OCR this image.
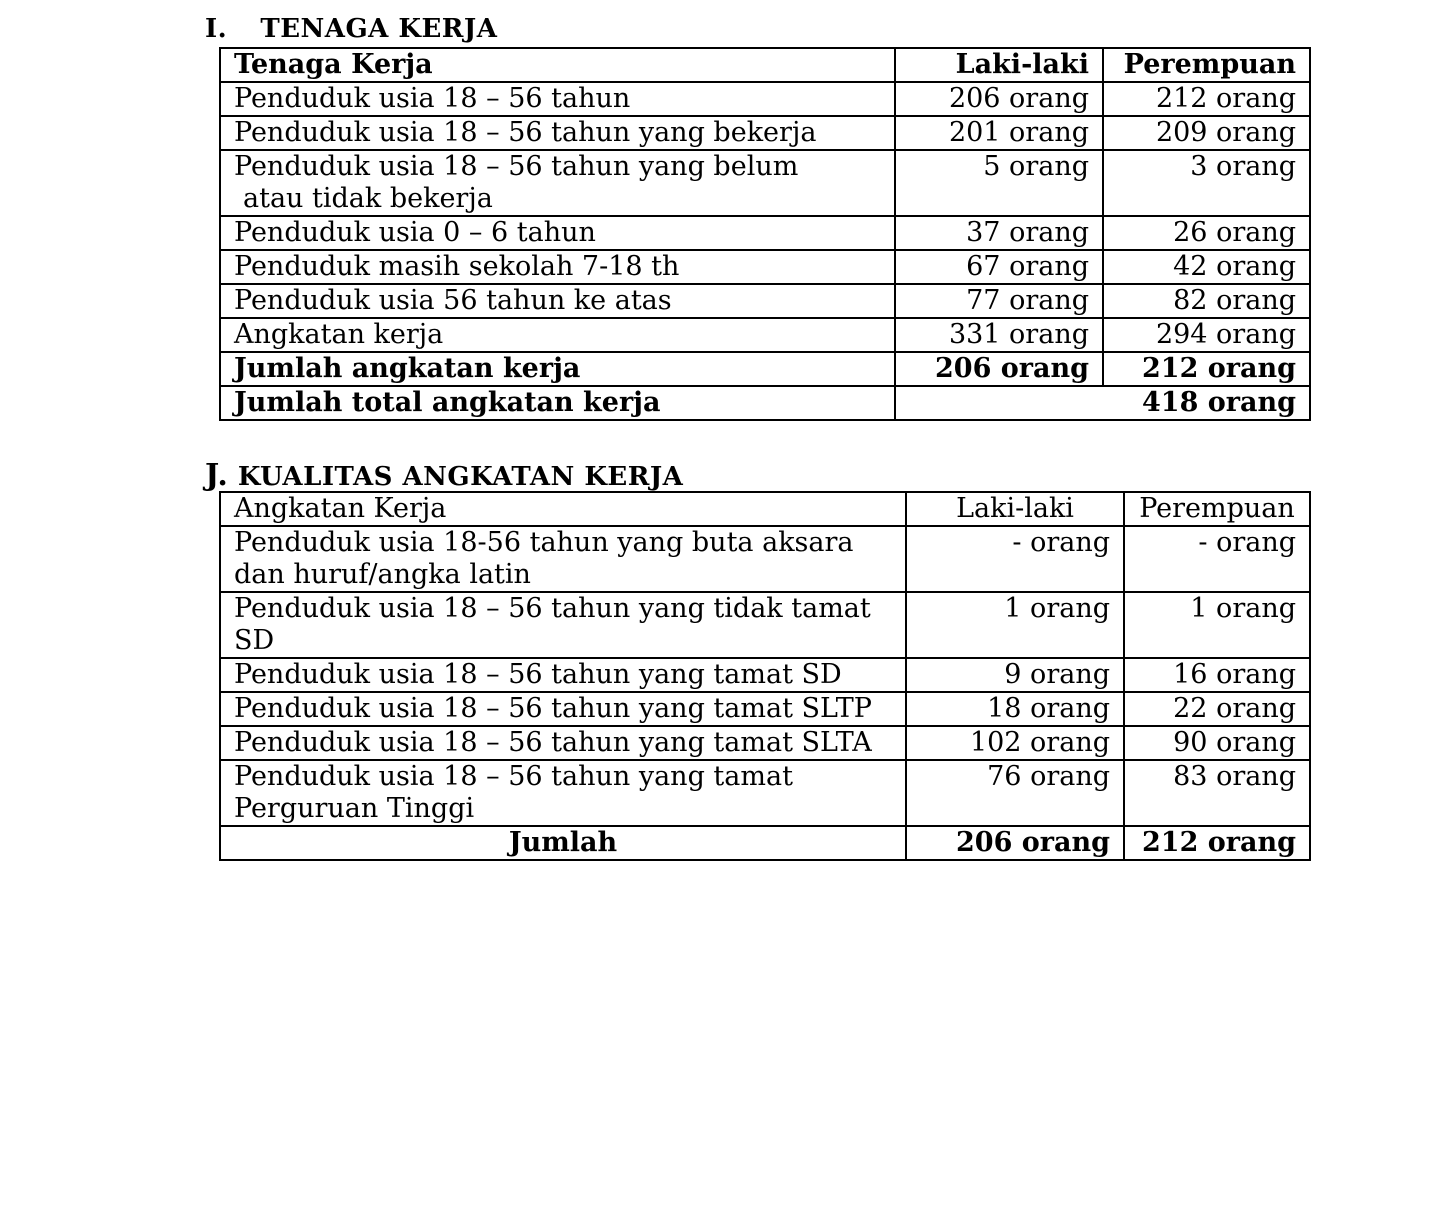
I. TENAGA KERJA
Tenaga Kerja	Laki-laki	Perempuan
Penduduk usia 18 – 56 tahun	206 orang	212 orang
Penduduk usia 18 – 56 tahun yang bekerja	201 orang	209 orang

Penduduk usia 18 – 56 tahun yang belum
atau tidak bekerja	5 orang	3 orang
Penduduk usia 0 – 6 tahun	37 orang	26 orang
Penduduk masih sekolah 7-18 th	67 orang	42 orang
Penduduk usia 56 tahun ke atas	77 orang	82 orang
Angkatan kerja	331 orang	294 orang
Jumlah angkatan kerja	206 orang	212 orang
Jumlah total angkatan kerja	418 orang	
J. KUALITAS ANGKATAN KERJA
Angkatan Kerja	Laki-laki	Perempuan
Penduduk usia 18-56 tahun yang buta aksara dan huruf/angka latin	- orang	- orang
Penduduk usia 18 – 56 tahun yang tidak tamat SD	1 orang	1 orang
Penduduk usia 18 – 56 tahun yang tamat SD	9 orang	16 orang
Penduduk usia 18 – 56 tahun yang tamat SLTP	18 orang	22 orang
Penduduk usia 18 – 56 tahun yang tamat SLTA	102 orang	90 orang
Penduduk usia 18 – 56 tahun yang tamat Perguruan Tinggi	76 orang	83 orang
Jumlah	206 orang	212 orang
